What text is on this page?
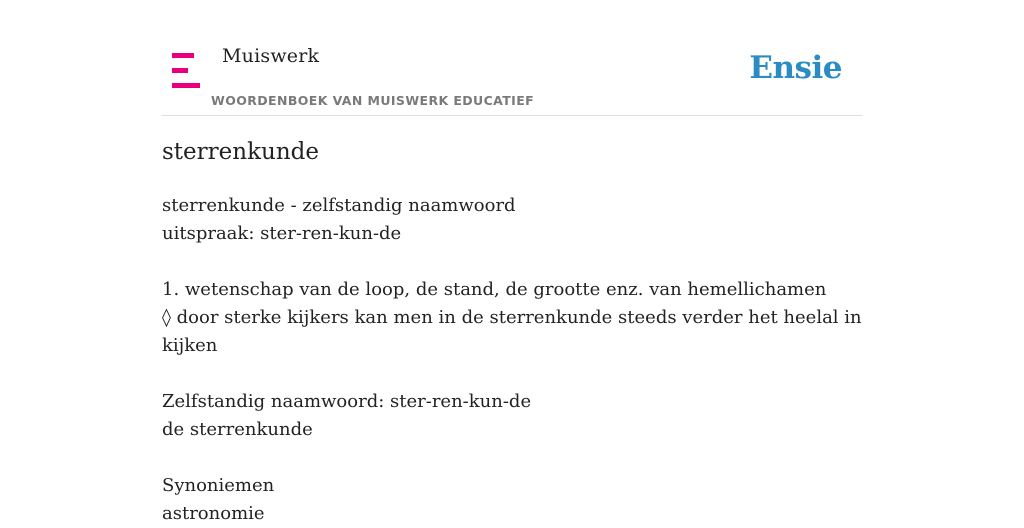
Muiswerk
WOORDENBOEK VAN MUISWERK EDUCATIEF
Ensie
sterrenkunde
sterrenkunde - zelfstandig naamwoord
uitspraak: ster-ren-kun-de
1. wetenschap van de loop, de stand, de grootte enz. van hemellichamen
◊ door sterke kijkers kan men in de sterrenkunde steeds verder het heelal in kijken
Zelfstandig naamwoord: ster-ren-kun-de
de sterrenkunde
Synoniemen
astronomie
